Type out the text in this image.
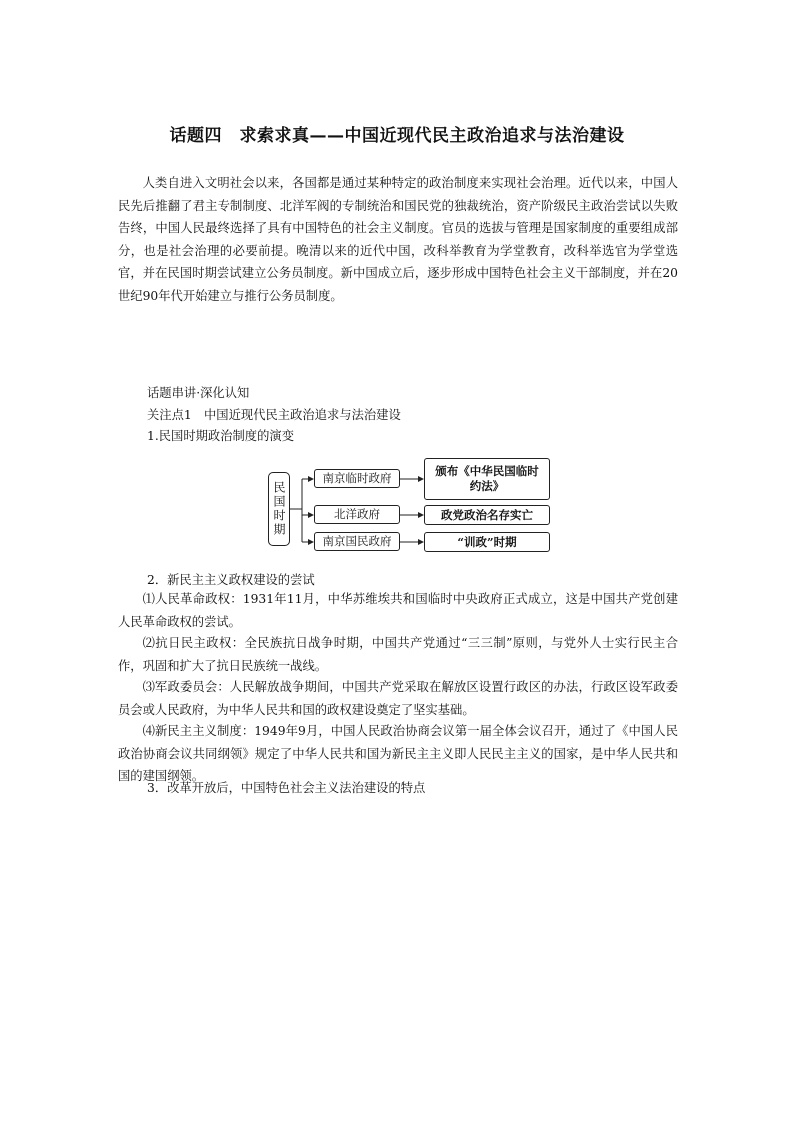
话题四　求索求真——中国近现代民主政治追求与法治建设
人类自进入文明社会以来，各国都是通过某种特定的政治制度来实现社会治理。近代以来，中国人民先后推翻了君主专制制度、北洋军阀的专制统治和国民党的独裁统治，资产阶级民主政治尝试以失败告终，中国人民最终选择了具有中国特色的社会主义制度。官员的选拔与管理是国家制度的重要组成部分，也是社会治理的必要前提。晚清以来的近代中国，改科举教育为学堂教育，改科举选官为学堂选官，并在民国时期尝试建立公务员制度。新中国成立后，逐步形成中国特色社会主义干部制度，并在20世纪90年代开始建立与推行公务员制度。
话题串讲·深化认知
关注点1　中国近现代民主政治追求与法治建设
1.民国时期政治制度的演变
民国时期
南京临时政府	颁布《中华民国临时约法》
北洋政府	政党政治名存实亡
南京国民政府	“训政”时期
2．新民主主义政权建设的尝试
⑴人民革命政权：1931年11月，中华苏维埃共和国临时中央政府正式成立，这是中国共产党创建人民革命政权的尝试。
⑵抗日民主政权：全民族抗日战争时期，中国共产党通过“三三制”原则，与党外人士实行民主合作，巩固和扩大了抗日民族统一战线。
⑶军政委员会：人民解放战争期间，中国共产党采取在解放区设置行政区的办法，行政区设军政委员会或人民政府，为中华人民共和国的政权建设奠定了坚实基础。
⑷新民主主义制度：1949年9月，中国人民政治协商会议第一届全体会议召开，通过了《中国人民政治协商会议共同纲领》规定了中华人民共和国为新民主主义即人民民主主义的国家，是中华人民共和国的建国纲领。
3．改革开放后，中国特色社会主义法治建设的特点
